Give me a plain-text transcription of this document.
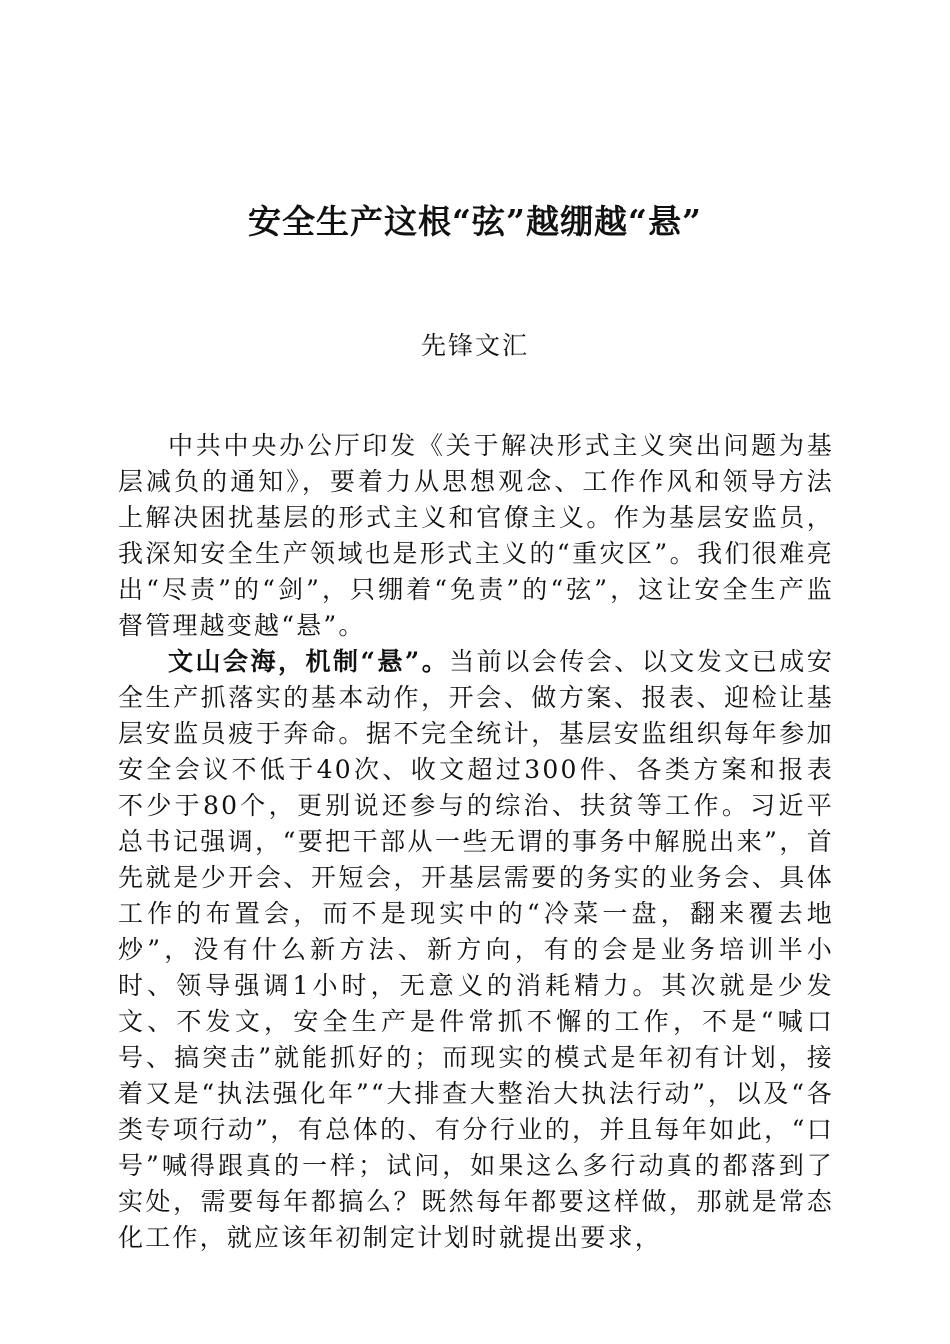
安全生产这根“弦”越绷越“悬”

先锋文汇

中共中央办公厅印发《关于解决形式主义突出问题为基层减负的通知》，要着力从思想观念、工作作风和领导方法上解决困扰基层的形式主义和官僚主义。作为基层安监员，我深知安全生产领域也是形式主义的“重灾区”。我们很难亮出“尽责”的“剑”，只绷着“免责”的“弦”，这让安全生产监督管理越变越“悬”。

文山会海，机制“悬”。当前以会传会、以文发文已成安全生产抓落实的基本动作，开会、做方案、报表、迎检让基层安监员疲于奔命。据不完全统计，基层安监组织每年参加安全会议不低于40次、收文超过300件、各类方案和报表不少于80个，更别说还参与的综治、扶贫等工作。习近平总书记强调，“要把干部从一些无谓的事务中解脱出来”，首先就是少开会、开短会，开基层需要的务实的业务会、具体工作的布置会，而不是现实中的“冷菜一盘，翻来覆去地炒”，没有什么新方法、新方向，有的会是业务培训半小时、领导强调1小时，无意义的消耗精力。其次就是少发文、不发文，安全生产是件常抓不懈的工作，不是“喊口号、搞突击”就能抓好的；而现实的模式是年初有计划，接着又是“执法强化年”“大排查大整治大执法行动”，以及“各类专项行动”，有总体的、有分行业的，并且每年如此，“口号”喊得跟真的一样；试问，如果这么多行动真的都落到了实处，需要每年都搞么？既然每年都要这样做，那就是常态化工作，就应该年初制定计划时就提出要求，
